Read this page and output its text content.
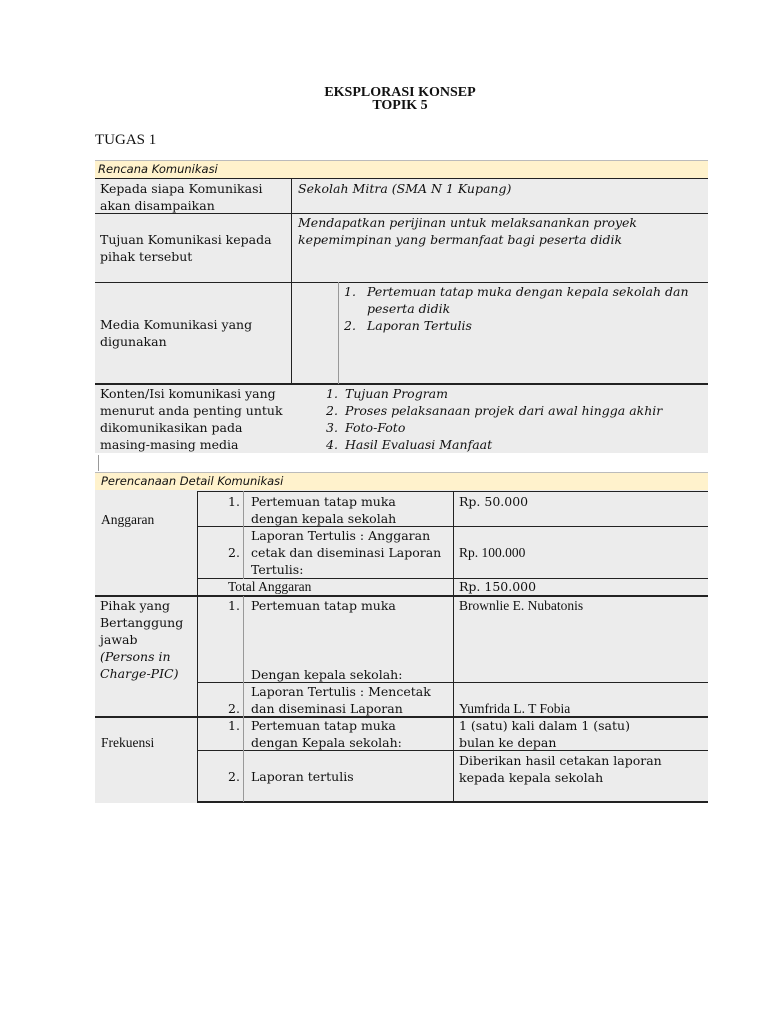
EKSPLORASI KONSEP
TOPIK 5
TUGAS 1
Rencana Komunikasi
Kepada siapa Komunikasi akan disampaikan
Sekolah Mitra (SMA N 1 Kupang)
Tujuan Komunikasi kepada pihak tersebut
Mendapatkan perijinan untuk melaksanankan proyek kepemimpinan yang bermanfaat bagi peserta didik
Media Komunikasi yang digunakan
1. Pertemuan tatap muka dengan kepala sekolah dan peserta didik
2. Laporan Tertulis
Konten/Isi komunikasi yang menurut anda penting untuk dikomunikasikan pada masing-masing media
1. Tujuan Program
2. Proses pelaksanaan projek dari awal hingga akhir
3. Foto-Foto
4. Hasil Evaluasi Manfaat
Perencanaan Detail Komunikasi
Anggaran
1. Pertemuan tatap muka dengan kepala sekolah
Rp. 50.000
2.
Laporan Tertulis : Anggaran cetak dan diseminasi Laporan Tertulis:
Rp. 100.000
Total Anggaran	Rp. 150.000
Pihak yang Bertanggung jawab
(Persons in Charge-PIC)
1. Pertemuan tatap muka
Dengan kepala sekolah:
Brownlie E. Nubatonis
2.
Laporan Tertulis : Mencetak dan diseminasi Laporan	Yumfrida L. T Fobia
Frekuensi
1. Pertemuan tatap muka dengan Kepala sekolah:
1 (satu) kali dalam 1 (satu) bulan ke depan
2. Laporan tertulis
Diberikan hasil cetakan laporan kepada kepala sekolah
